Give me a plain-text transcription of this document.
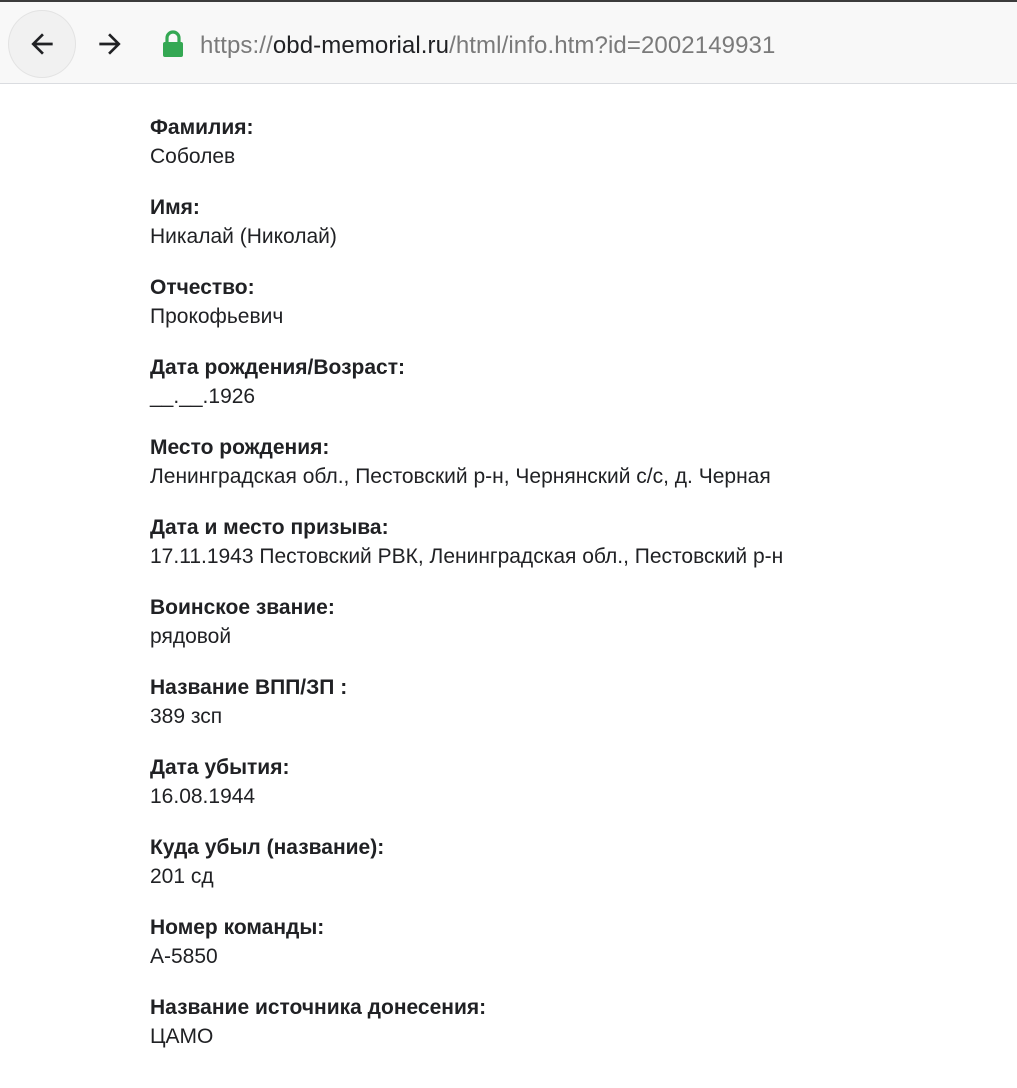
https://obd-memorial.ru/html/info.htm?id=2002149931
Фамилия:
Соболев
Имя:
Никалай (Николай)
Отчество:
Прокофьевич
Дата рождения/Возраст:
__.__.1926
Место рождения:
Ленинградская обл., Пестовский р-н, Чернянский с/с, д. Черная
Дата и место призыва:
17.11.1943 Пестовский РВК, Ленинградская обл., Пестовский р-н
Воинское звание:
рядовой
Название ВПП/ЗП :
389 зсп
Дата убытия:
16.08.1944
Куда убыл (название):
201 сд
Номер команды:
А-5850
Название источника донесения:
ЦАМО
